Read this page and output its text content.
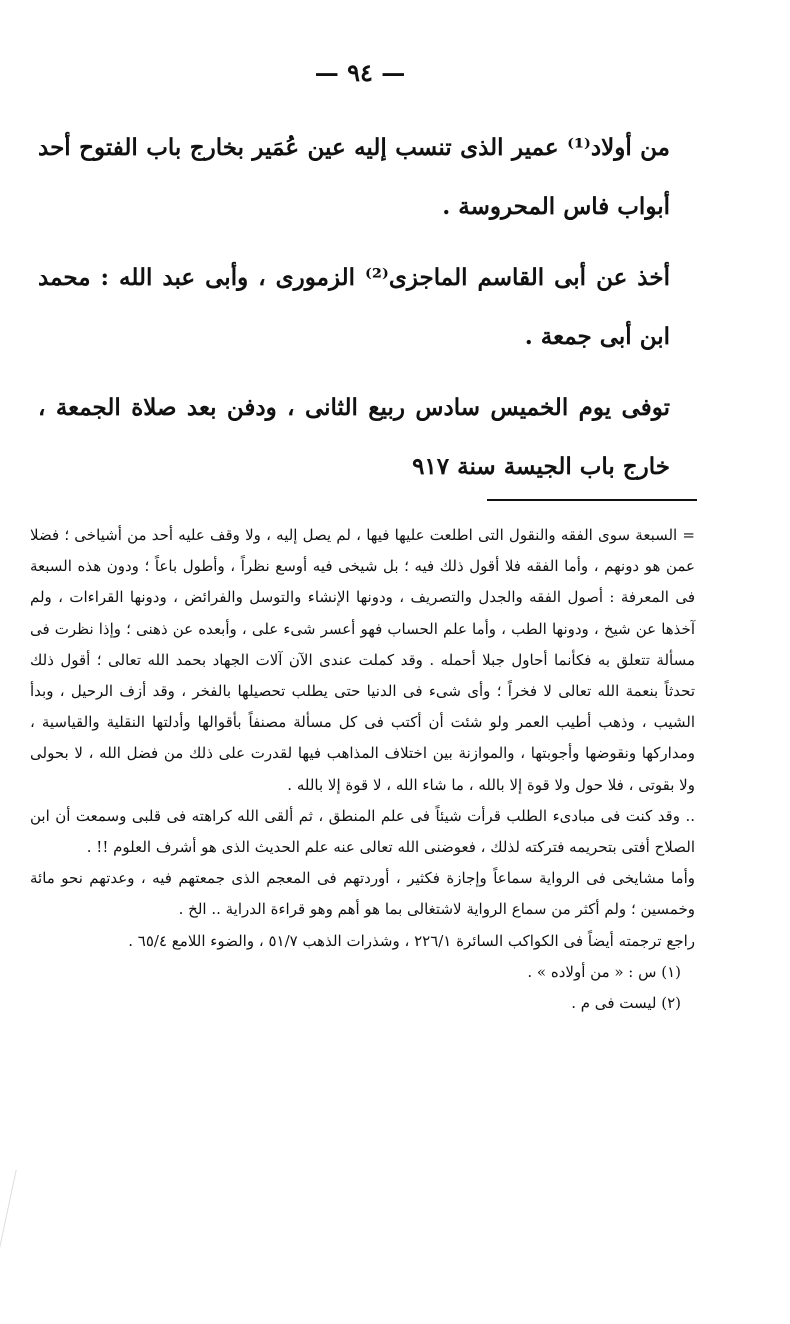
— ٩٤ —

من أولاد⁽¹⁾ عمير الذى تنسب إليه عين عُمَير بخارج باب الفتوح أحد أبواب فاس المحروسة .

أخذ عن أبى القاسم الماجزى⁽²⁾ الزمورى ، وأبى عبد الله : محمد ابن أبى جمعة .

توفى يوم الخميس سادس ربيع الثانى ، ودفن بعد صلاة الجمعة ، خارج باب الجيسة سنة ٩١٧

= السبعة سوى الفقه والنقول التى اطلعت عليها فيها ، لم يصل إليه ، ولا وقف عليه أحد من أشياخى ؛ فضلا عمن هو دونهم ، وأما الفقه فلا أقول ذلك فيه ؛ بل شيخى فيه أوسع نظراً ، وأطول باعاً ؛ ودون هذه السبعة فى المعرفة : أصول الفقه والجدل والتصريف ، ودونها الإنشاء والتوسل والفرائض ، ودونها القراءات ، ولم آخذها عن شيخ ، ودونها الطب ، وأما علم الحساب فهو أعسر شىء على ، وأبعده عن ذهنى ؛ وإذا نظرت فى مسألة تتعلق به فكأنما أحاول جبلا أحمله . وقد كملت عندى الآن آلات الجهاد بحمد الله تعالى ؛ أقول ذلك تحدثاً بنعمة الله تعالى لا فخراً ؛ وأى شىء فى الدنيا حتى يطلب تحصيلها بالفخر ، وقد أزف الرحيل ، وبدأ الشيب ، وذهب أطيب العمر ولو شئت أن أكتب فى كل مسألة مصنفاً بأقوالها وأدلتها النقلية والقياسية ، ومداركها ونقوضها وأجوبتها ، والموازنة بين اختلاف المذاهب فيها لقدرت على ذلك من فضل الله ، لا بحولى ولا بقوتى ، فلا حول ولا قوة إلا بالله ، ما شاء الله ، لا قوة إلا بالله .

.. وقد كنت فى مبادىء الطلب قرأت شيئاً فى علم المنطق ، ثم ألقى الله كراهته فى قلبى وسمعت أن ابن الصلاح أفتى بتحريمه فتركته لذلك ، فعوضنى الله تعالى عنه علم الحديث الذى هو أشرف العلوم !! .

وأما مشايخى فى الرواية سماعاً وإجازة فكثير ، أوردتهم فى المعجم الذى جمعتهم فيه ، وعدتهم نحو مائة وخمسين ؛ ولم أكثر من سماع الرواية لاشتغالى بما هو أهم وهو قراءة الدراية .. الخ .

راجع ترجمته أيضاً فى الكواكب السائرة ٢٢٦/١ ، وشذرات الذهب ٥١/٧ ، والضوء اللامع ٦٥/٤ .

(١) س : « من أولاده » .

(٢) ليست فى م .
